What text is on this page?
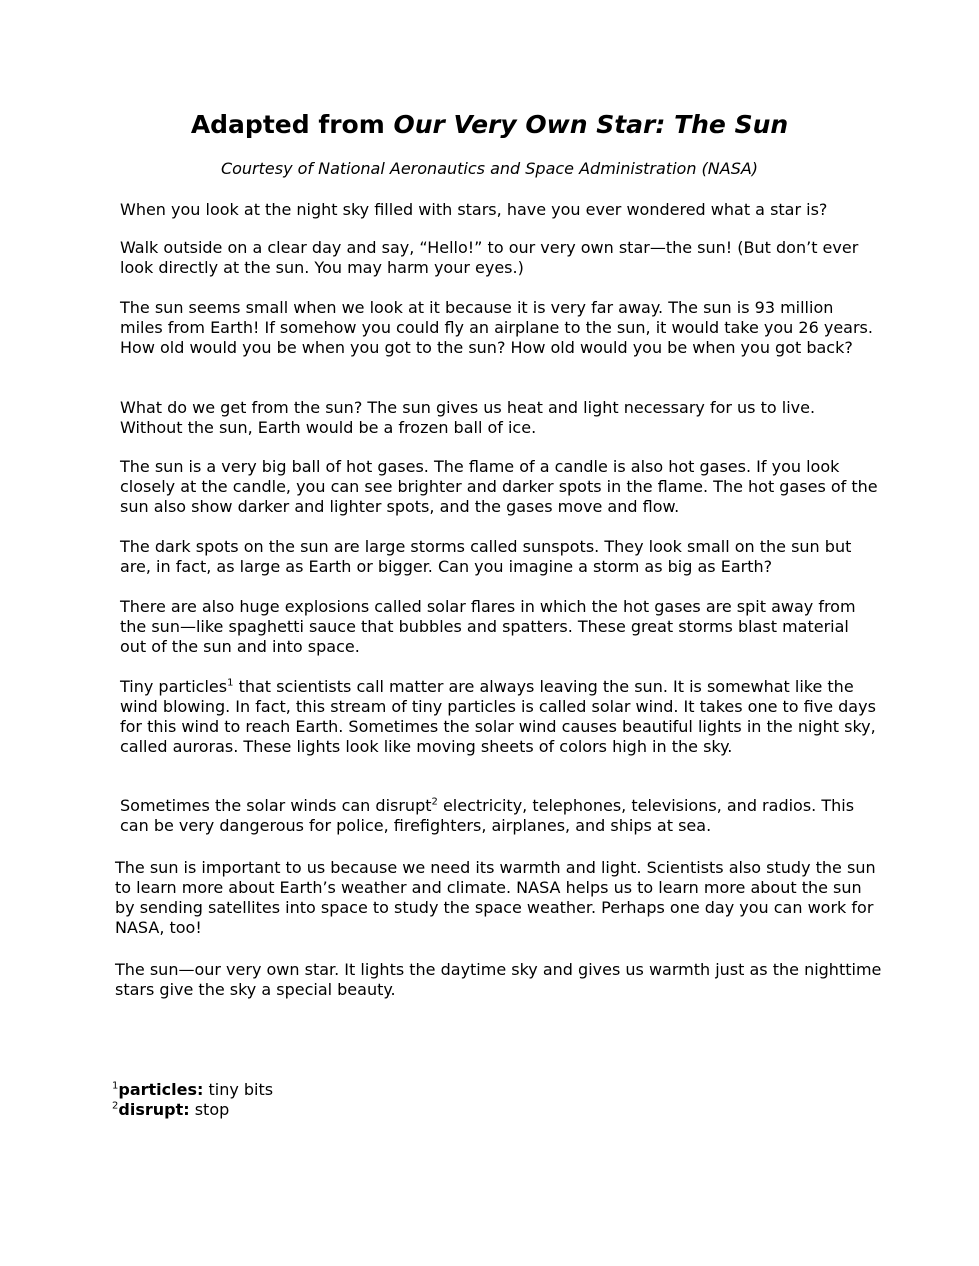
Adapted from Our Very Own Star: The Sun

Courtesy of National Aeronautics and Space Administration (NASA)

When you look at the night sky filled with stars, have you ever wondered what a star is?

Walk outside on a clear day and say, “Hello!” to our very own star—the sun! (But don’t ever look directly at the sun. You may harm your eyes.)

The sun seems small when we look at it because it is very far away. The sun is 93 million miles from Earth! If somehow you could fly an airplane to the sun, it would take you 26 years. How old would you be when you got to the sun? How old would you be when you got back?

What do we get from the sun? The sun gives us heat and light necessary for us to live. Without the sun, Earth would be a frozen ball of ice.

The sun is a very big ball of hot gases. The flame of a candle is also hot gases. If you look closely at the candle, you can see brighter and darker spots in the flame. The hot gases of the sun also show darker and lighter spots, and the gases move and flow.

The dark spots on the sun are large storms called sunspots. They look small on the sun but are, in fact, as large as Earth or bigger. Can you imagine a storm as big as Earth?

There are also huge explosions called solar flares in which the hot gases are spit away from the sun—like spaghetti sauce that bubbles and spatters. These great storms blast material out of the sun and into space.

Tiny particles$^1$ that scientists call matter are always leaving the sun. It is somewhat like the wind blowing. In fact, this stream of tiny particles is called solar wind. It takes one to five days for this wind to reach Earth. Sometimes the solar wind causes beautiful lights in the night sky, called auroras. These lights look like moving sheets of colors high in the sky.

Sometimes the solar winds can disrupt$^2$ electricity, telephones, televisions, and radios. This can be very dangerous for police, firefighters, airplanes, and ships at sea.

The sun is important to us because we need its warmth and light. Scientists also study the sun to learn more about Earth’s weather and climate. NASA helps us to learn more about the sun by sending satellites into space to study the space weather. Perhaps one day you can work for NASA, too!

The sun—our very own star. It lights the daytime sky and gives us warmth just as the nighttime stars give the sky a special beauty.

$^1$particles: tiny bits

$^2$disrupt: stop
